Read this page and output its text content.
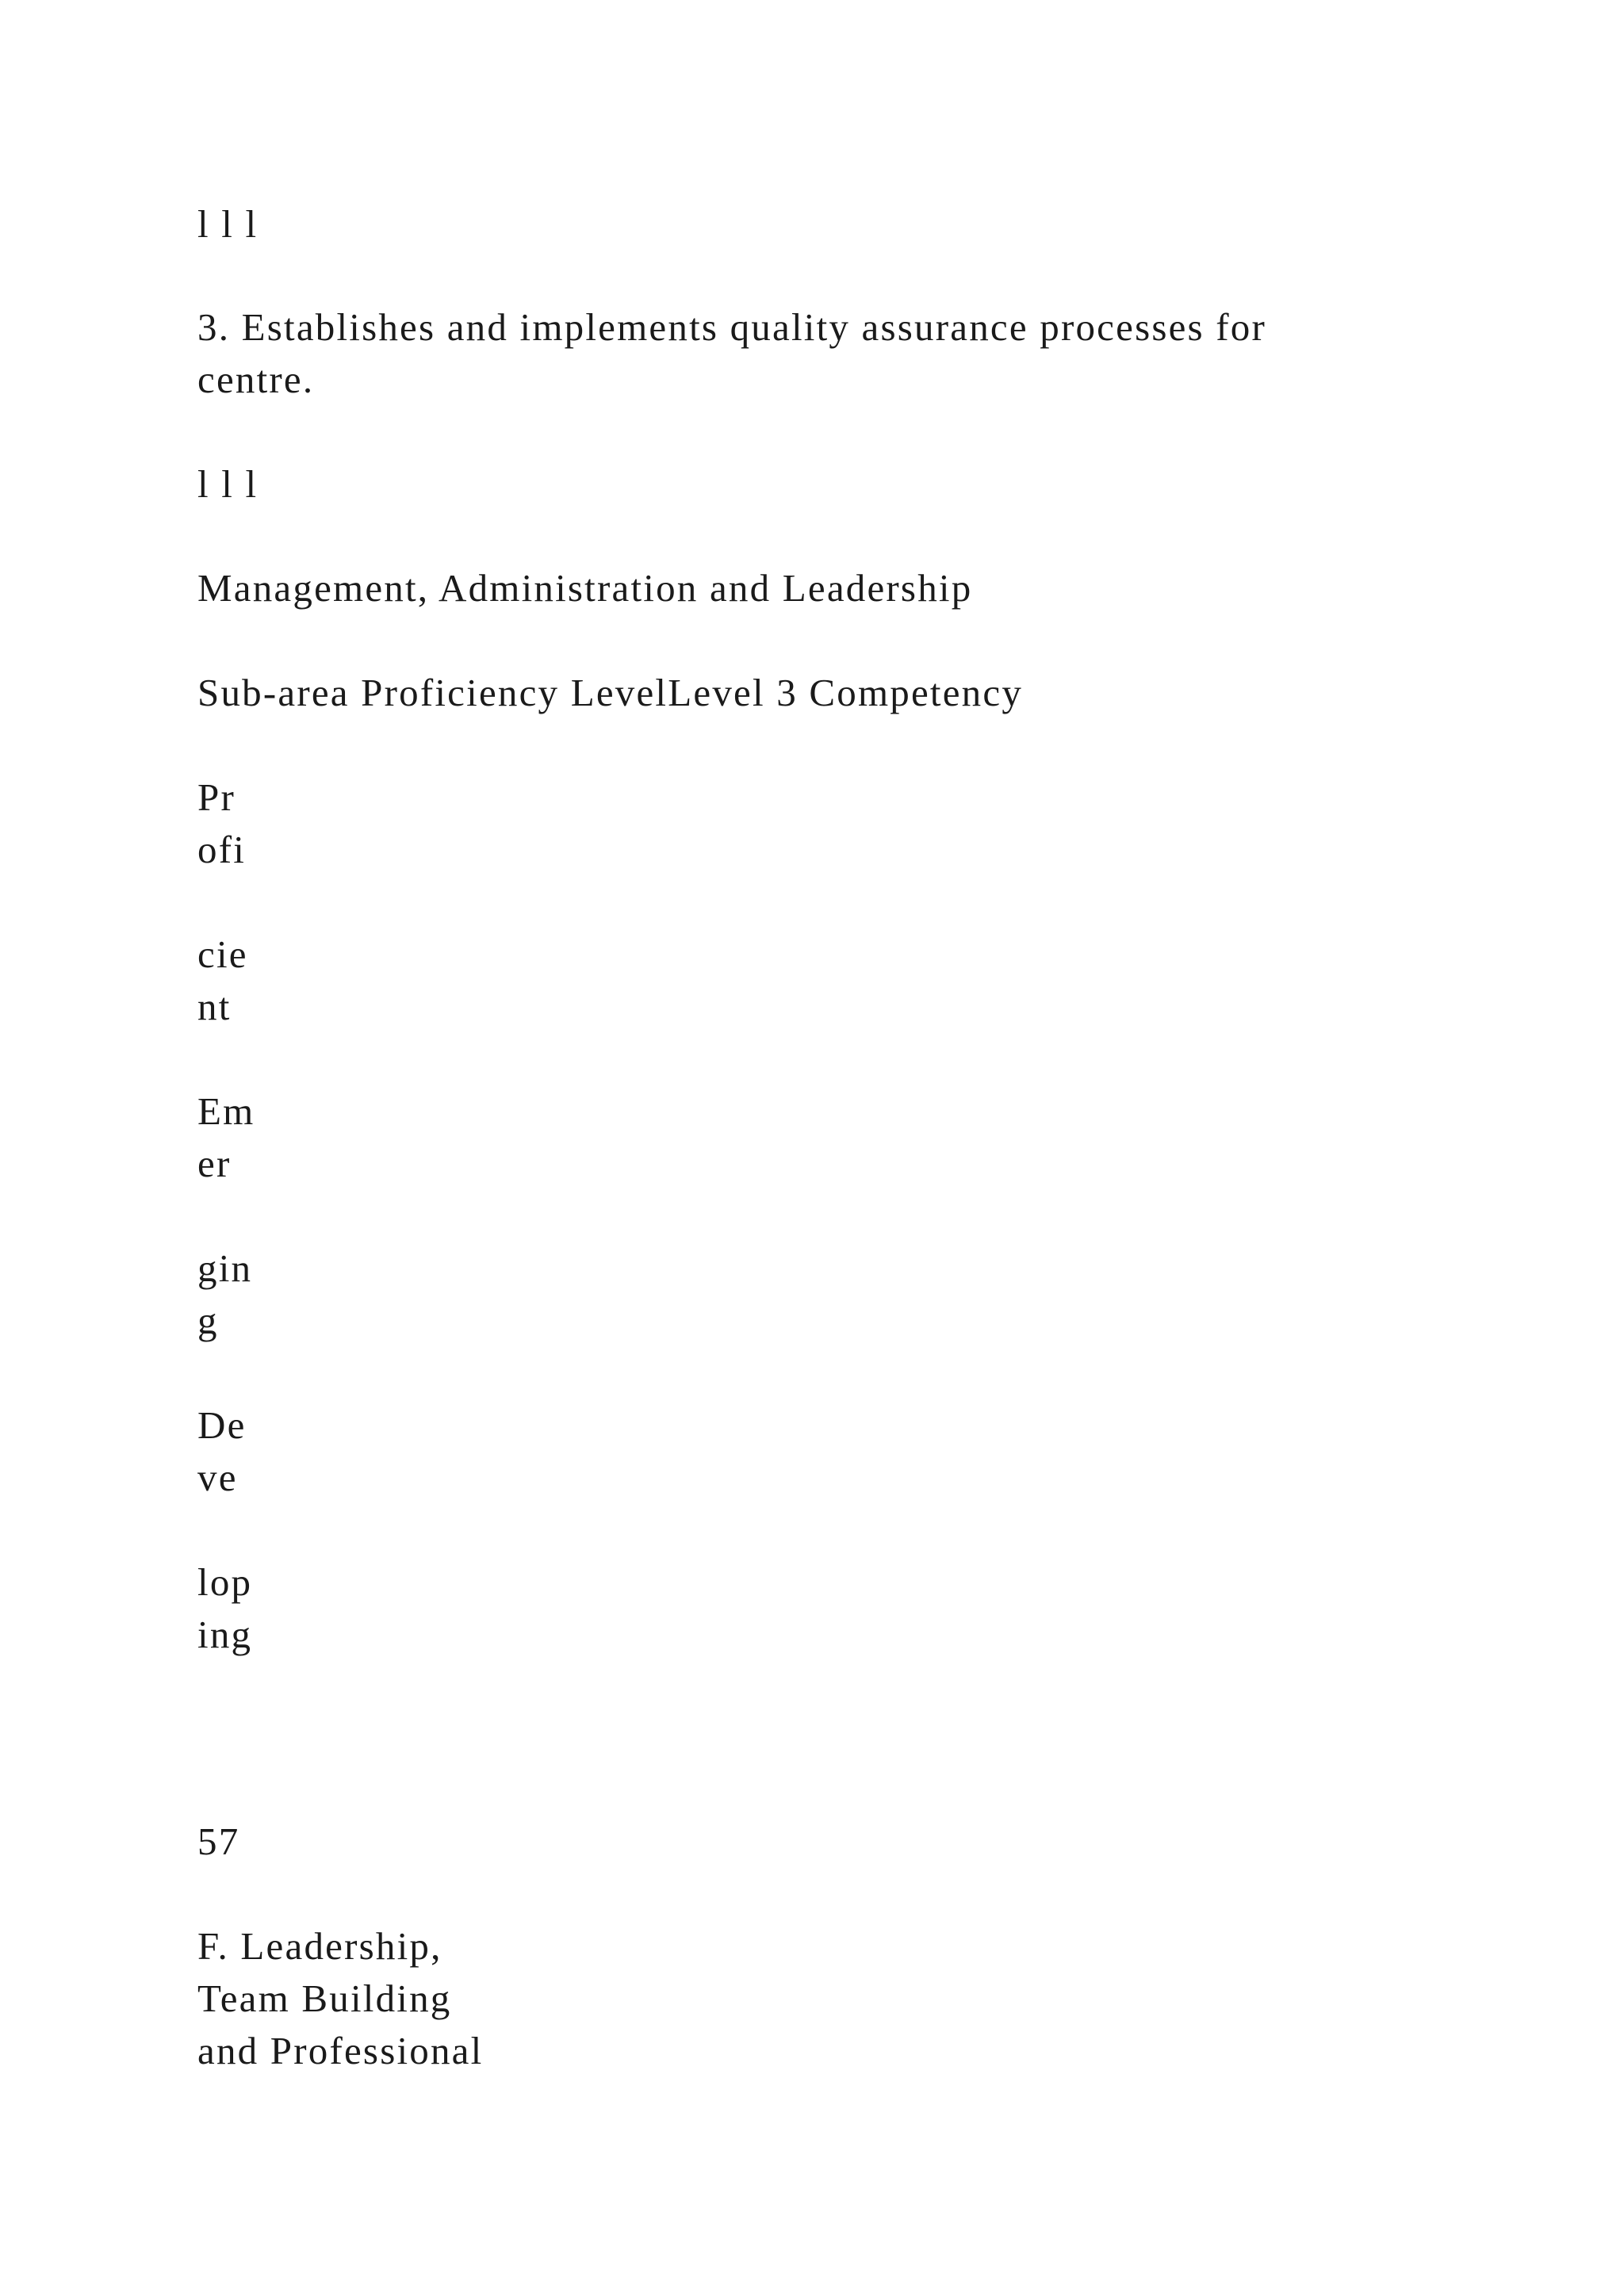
l l l

3. Establishes and implements quality assurance processes for

centre.

l l l

Management, Administration and Leadership

Sub-area Proficiency LevelLevel 3 Competency

Pr

ofi

cie

nt

Em

er

gin

g

De

ve

lop

ing

57

F. Leadership,

Team Building

and Professional
